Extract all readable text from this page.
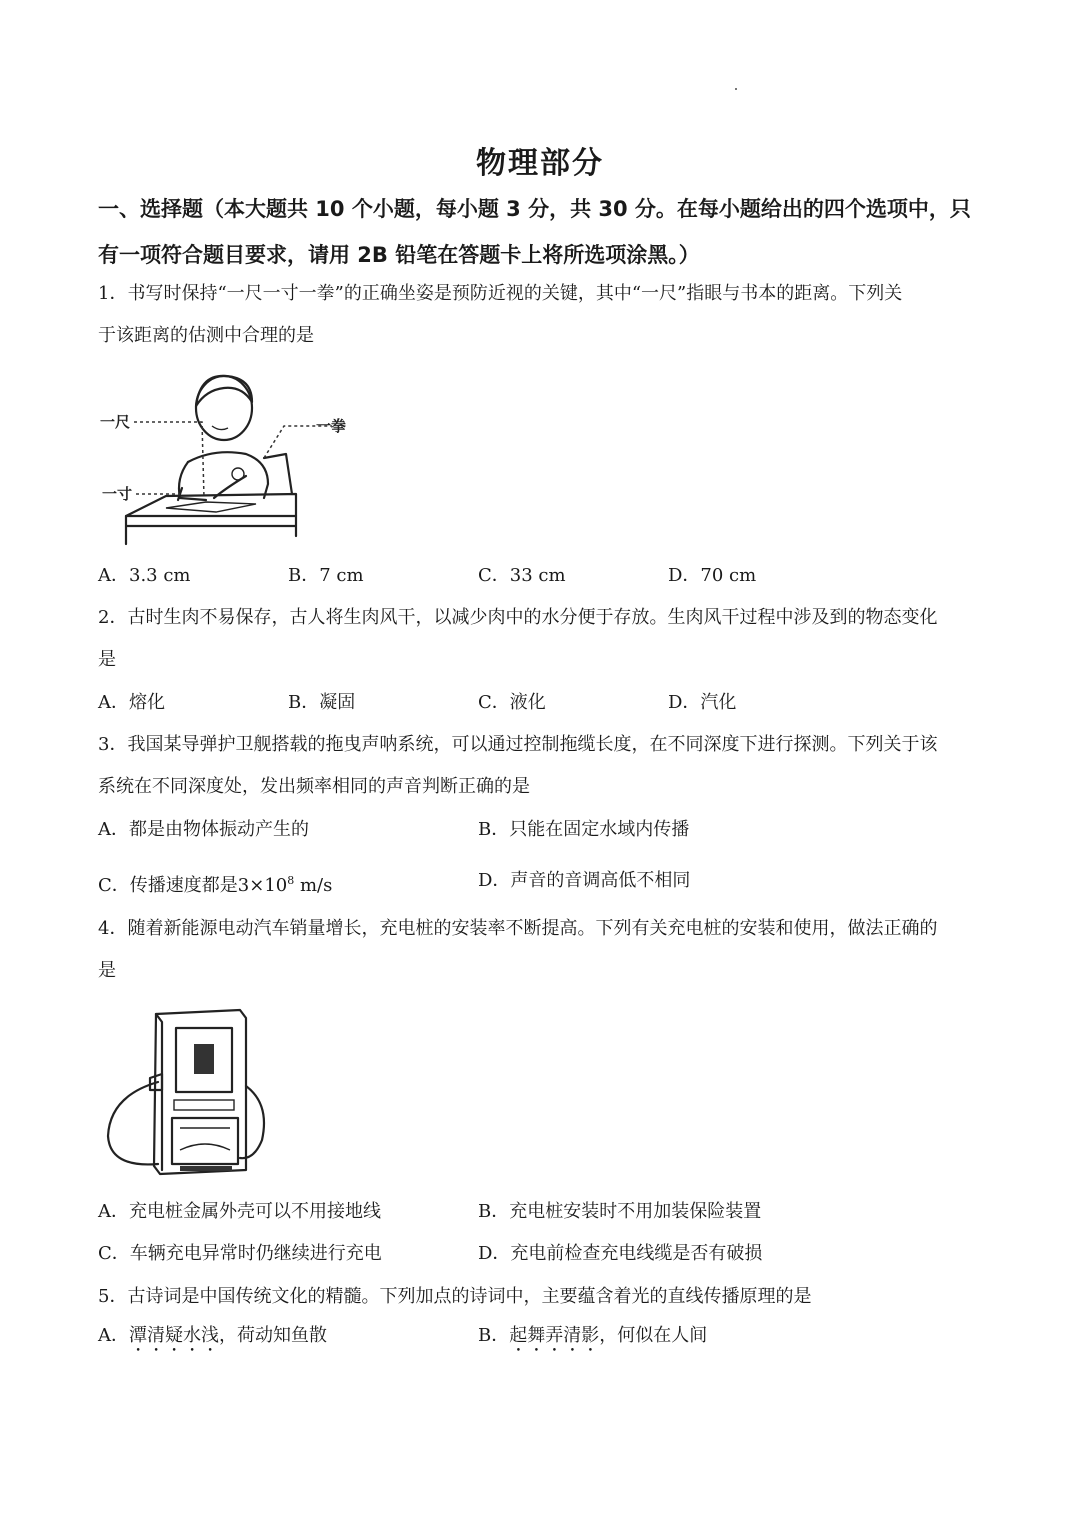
物理部分
一、选择题（本大题共 10 个小题，每小题 3 分，共 30 分。在每小题给出的四个选项中，只
有一项符合题目要求，请用 2B 铅笔在答题卡上将所选项涂黑。）
1．书写时保持“一尺一寸一拳”的正确坐姿是预防近视的关键，其中“一尺”指眼与书本的距离。下列关
于该距离的估测中合理的是
一尺
一寸
一拳
A．3.3 cm	B．7 cm	C．33 cm	D．70 cm
2．古时生肉不易保存，古人将生肉风干，以减少肉中的水分便于存放。生肉风干过程中涉及到的物态变化
是
A．熔化	B．凝固	C．液化	D．汽化
3．我国某导弹护卫舰搭载的拖曳声呐系统，可以通过控制拖缆长度，在不同深度下进行探测。下列关于该
系统在不同深度处，发出频率相同的声音判断正确的是
A．都是由物体振动产生的	B．只能在固定水域内传播
C．传播速度都是$3\times 10^8$ m/s	D．声音的音调高低不相同
4．随着新能源电动汽车销量增长，充电桩的安装率不断提高。下列有关充电桩的安装和使用，做法正确的
是
A．充电桩金属外壳可以不用接地线	B．充电桩安装时不用加装保险装置
C．车辆充电异常时仍继续进行充电	D．充电前检查充电线缆是否有破损
5．古诗词是中国传统文化的精髓。下列加点的诗词中，主要蕴含着光的直线传播原理的是
A．潭清疑水浅，荷动知鱼散	B．起舞弄清影，何似在人间
